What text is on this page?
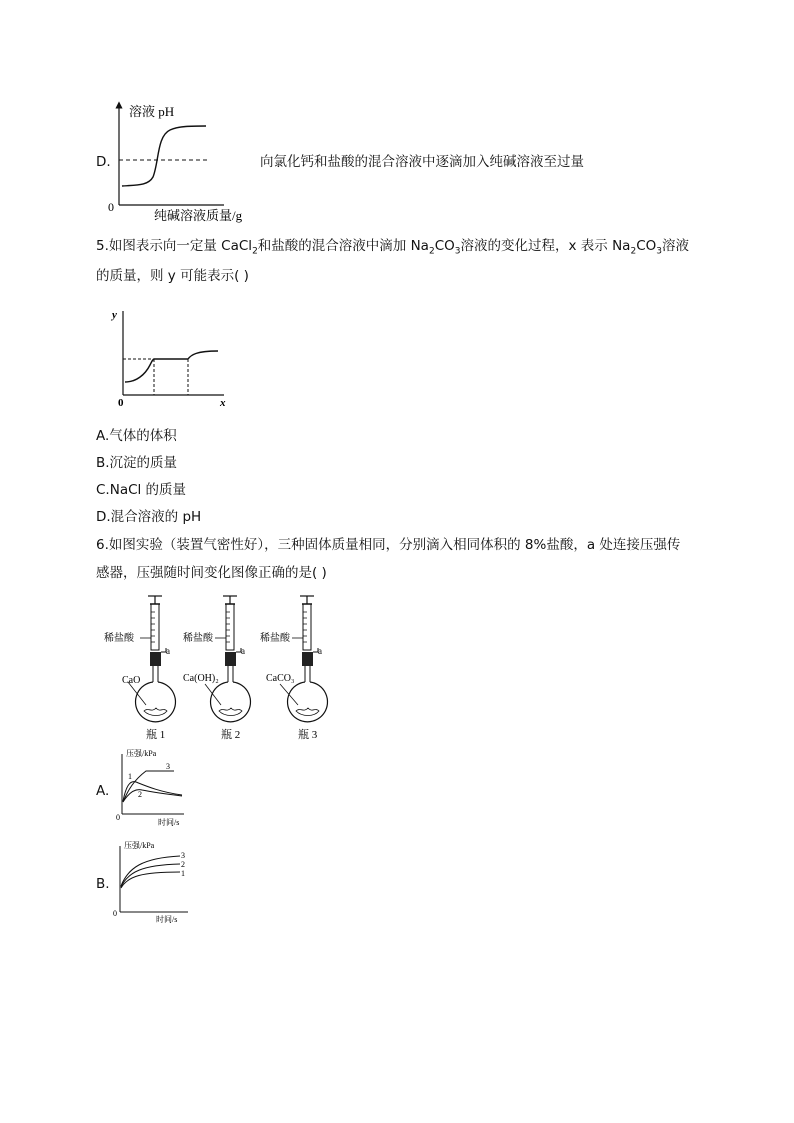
D.	向氯化钙和盐酸的混合溶液中逐滴加入纯碱溶液至过量
溶液 pH
0
纯碱溶液质量/g
5.如图表示向一定量 CaCl$_2$和盐酸的混合溶液中滴加 $Na_2CO_3$溶液的变化过程，x 表示 $Na_2CO_3$溶液
的质量，则 y 可能表示( )
y
0	x
A.气体的体积
B.沉淀的质量
C.NaCl 的质量
D.混合溶液的 pH
6.如图实验（装置气密性好），三种固体质量相同，分别滴入相同体积的 8%盐酸，a 处连接压强传
感器，压强随时间变化图像正确的是( )
稀盐酸
CaO
a
瓶 1
稀盐酸
Ca(OH)₂
a
瓶 2
稀盐酸
CaCO₃
a
瓶 3
A.
压强/kPa
0
时间/s
1
2
3
B.
压强/kPa
0
时间/s
3
2
1
